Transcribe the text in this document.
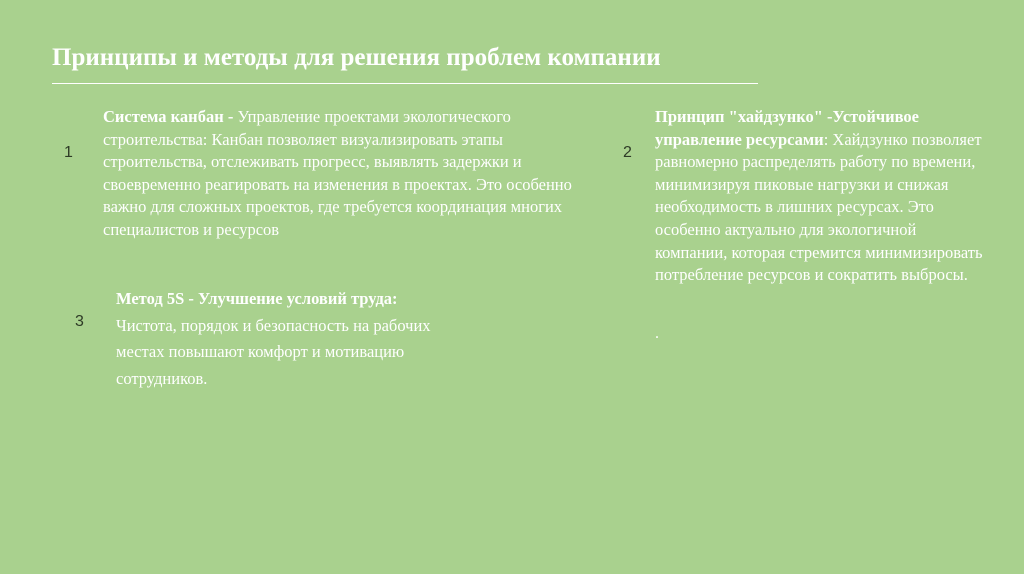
Принципы и методы для решения проблем компании
1
Система канбан - Управление проектами экологического строительства: Канбан позволяет визуализировать этапы строительства, отслеживать прогресс, выявлять задержки и своевременно реагировать на изменения в проектах. Это особенно важно для сложных проектов, где требуется координация многих специалистов и ресурсов
2
Принцип "хайдзунко" -Устойчивое управление ресурсами: Хайдзунко позволяет равномерно распределять работу по времени, минимизируя пиковые нагрузки и снижая необходимость в лишних ресурсах. Это особенно актуально для экологичной компании, которая стремится минимизировать потребление ресурсов и сократить выбросы.
.
3
Метод 5S - Улучшение условий труда:
Чистота, порядок и безопасность на рабочих местах повышают комфорт и мотивацию сотрудников.
